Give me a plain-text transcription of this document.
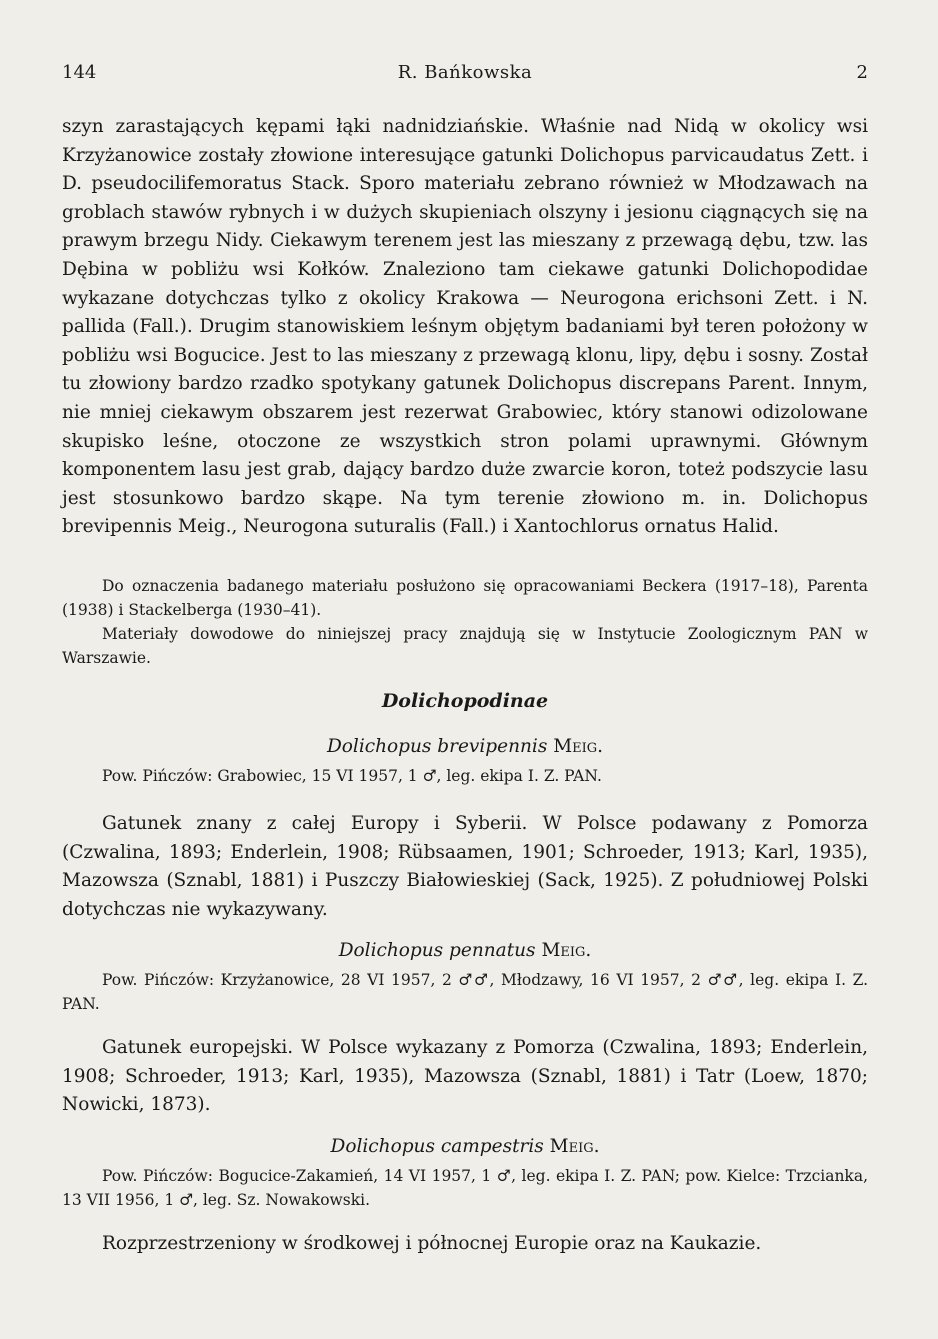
144	R. Bańkowska	2

szyn zarastających kępami łąki nadnidziańskie. Właśnie nad Nidą w okolicy wsi Krzyżanowice zostały złowione interesujące gatunki Dolichopus parvicaudatus Zett. i D. pseudocilifemoratus Stack. Sporo materiału zebrano również w Młodzawach na groblach stawów rybnych i w dużych skupieniach olszyny i jesionu ciągnących się na prawym brzegu Nidy. Ciekawym terenem jest las mieszany z przewagą dębu, tzw. las Dębina w pobliżu wsi Kołków. Znaleziono tam ciekawe gatunki Dolichopodidae wykazane dotychczas tylko z okolicy Krakowa — Neurogona erichsoni Zett. i N. pallida (Fall.). Drugim stanowiskiem leśnym objętym badaniami był teren położony w pobliżu wsi Bogucice. Jest to las mieszany z przewagą klonu, lipy, dębu i sosny. Został tu złowiony bardzo rzadko spotykany gatunek Dolichopus discrepans Parent. Innym, nie mniej ciekawym obszarem jest rezerwat Grabowiec, który stanowi odizolowane skupisko leśne, otoczone ze wszystkich stron polami uprawnymi. Głównym komponentem lasu jest grab, dający bardzo duże zwarcie koron, toteż podszycie lasu jest stosunkowo bardzo skąpe. Na tym terenie złowiono m. in. Dolichopus brevipennis Meig., Neurogona suturalis (Fall.) i Xantochlorus ornatus Halid.

Do oznaczenia badanego materiału posłużono się opracowaniami Beckera (1917–18), Parenta (1938) i Stackelberga (1930–41).

Materiały dowodowe do niniejszej pracy znajdują się w Instytucie Zoologicznym PAN w Warszawie.

Dolichopodinae
Dolichopus brevipennis Meig.

Pow. Pińczów: Grabowiec, 15 VI 1957, 1 ♂, leg. ekipa I. Z. PAN.

Gatunek znany z całej Europy i Syberii. W Polsce podawany z Pomorza (Czwalina, 1893; Enderlein, 1908; Rübsaamen, 1901; Schroeder, 1913; Karl, 1935), Mazowsza (Sznabl, 1881) i Puszczy Białowieskiej (Sack, 1925). Z południowej Polski dotychczas nie wykazywany.

Dolichopus pennatus Meig.

Pow. Pińczów: Krzyżanowice, 28 VI 1957, 2 ♂♂, Młodzawy, 16 VI 1957, 2 ♂♂, leg. ekipa I. Z. PAN.

Gatunek europejski. W Polsce wykazany z Pomorza (Czwalina, 1893; Enderlein, 1908; Schroeder, 1913; Karl, 1935), Mazowsza (Sznabl, 1881) i Tatr (Loew, 1870; Nowicki, 1873).

Dolichopus campestris Meig.

Pow. Pińczów: Bogucice-Zakamień, 14 VI 1957, 1 ♂, leg. ekipa I. Z. PAN; pow. Kielce: Trzcianka, 13 VII 1956, 1 ♂, leg. Sz. Nowakowski.

Rozprzestrzeniony w środkowej i północnej Europie oraz na Kaukazie.
